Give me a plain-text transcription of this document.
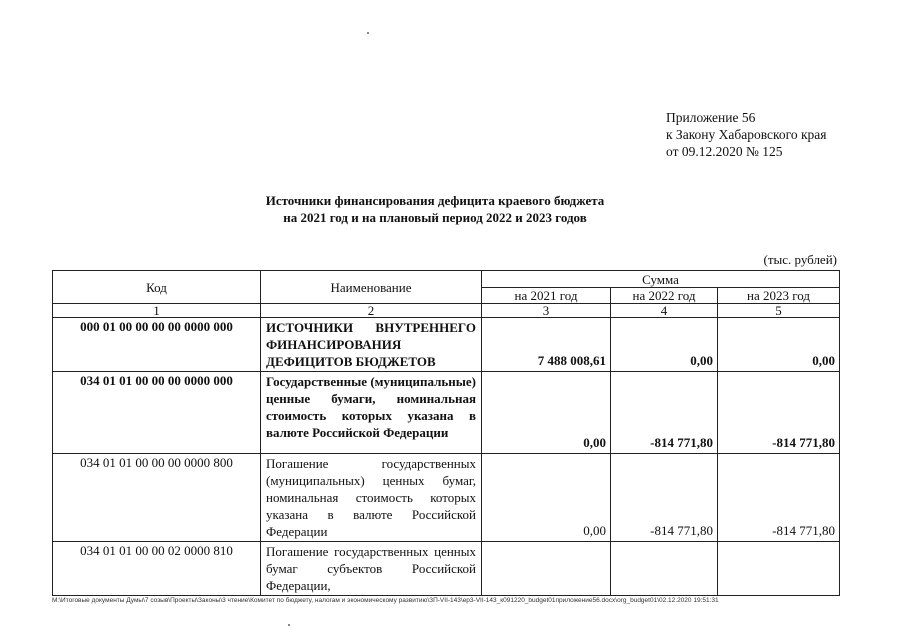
Приложение 56
к Закону Хабаровского края
от 09.12.2020 № 125
Источники финансирования дефицита краевого бюджета
на 2021 год и на плановый период 2022 и 2023 годов
(тыс. рублей)
Код	Наименование	Сумма		
		на 2021 год	на 2022 год	на 2023 год
1	2	3	4	5
000 01 00 00 00 00 0000 000	ИСТОЧНИКИ ВНУТРЕННЕГО ФИНАНСИРОВАНИЯ ДЕФИЦИТОВ БЮДЖЕТОВ	7 488 008,61	0,00	0,00
034 01 01 00 00 00 0000 000	Государственные (муниципальные) ценные бумаги, номинальная стоимость которых указана в валюте Российской Федерации	0,00	-814 771,80	-814 771,80
034 01 01 00 00 00 0000 800	Погашение государственных (муниципальных) ценных бумаг, номинальная стоимость которых указана в валюте Российской Федерации	0,00	-814 771,80	-814 771,80
034 01 01 00 00 02 0000 810	Погашение государственных ценных бумаг субъектов Российской Федерации,			
M:\Итоговые документы Думы\7 созыв\Проекты\Законы\3 чтение\Комитет по бюджету, налогам и экономическому развитию\ЗП-VII-143\ер3-VII-143_к091220_budget01приложение56.docx\org_budget01\02.12.2020 19:51:31
